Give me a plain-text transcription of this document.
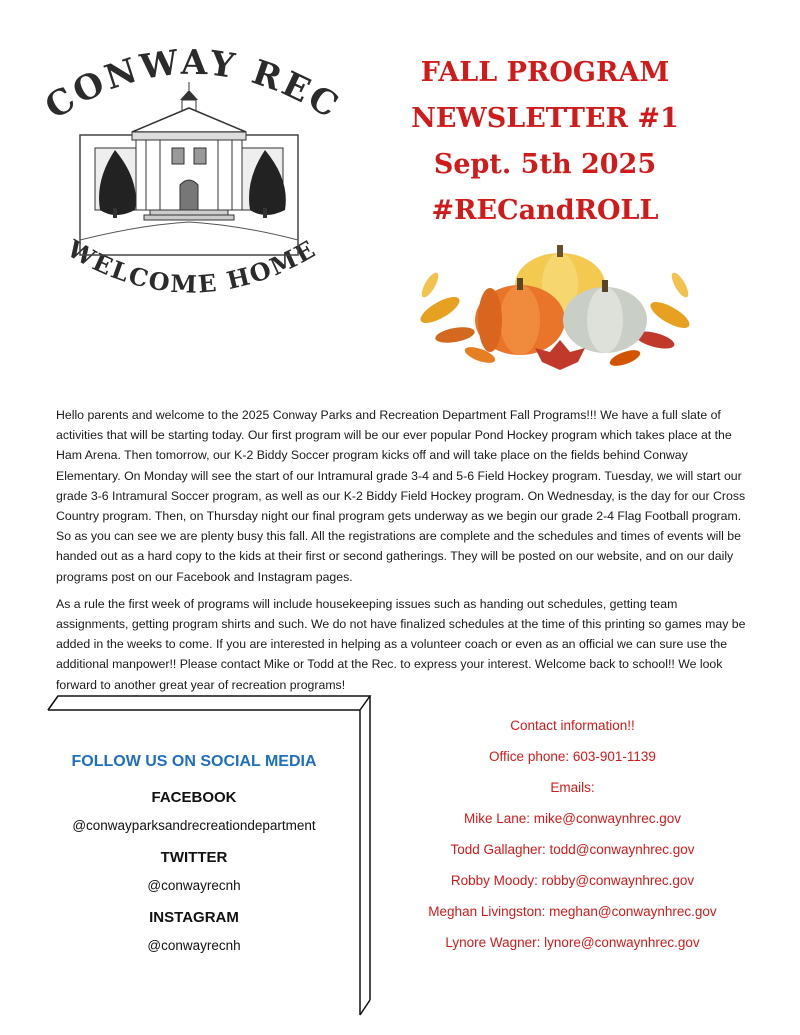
CONWAY RE
WELCOME HOME
FALL PROGRAM
NEWSLETTER #1
Sept. 5th 2025
#RECandROLL

Hello parents and welcome to the 2025 Conway Parks and Recreation Department Fall Programs!!! We have a full slate of activities that will be starting today. Our first program will be our ever popular Pond Hockey program which takes place at the Ham Arena. Then tomorrow, our K-2 Biddy Soccer program kicks off and will take place on the fields behind Conway Elementary. On Monday will see the start of our Intramural grade 3-4 and 5-6 Field Hockey program. Tuesday, we will start our grade 3-6 Intramural Soccer program, as well as our K-2 Biddy Field Hockey program. On Wednesday, is the day for our Cross Country program. Then, on Thursday night our final program gets underway as we begin our grade 2-4 Flag Football program. So as you can see we are plenty busy this fall. All the registrations are complete and the schedules and times of events will be handed out as a hard copy to the kids at their first or second gatherings. They will be posted on our website, and on our daily programs post on our Facebook and Instagram pages.

As a rule the first week of programs will include housekeeping issues such as handing out schedules, getting team assignments, getting program shirts and such. We do not have finalized schedules at the time of this printing so games may be added in the weeks to come. If you are interested in helping as a volunteer coach or even as an official we can sure use the additional manpower!! Please contact Mike or Todd at the Rec. to express your interest. Welcome back to school!! We look forward to another great year of recreation programs!

FOLLOW US ON SOCIAL MEDIA
FACEBOOK
@conwayparksandrecreationdepartment
TWITTER
@conwayrecnh
INSTAGRAM
@conwayrecnh
Contact information!!
Office phone: 603-901-1139
Emails:
Mike Lane: mike@conwaynhrec.gov
Todd Gallagher: todd@conwaynhrec.gov
Robby Moody: robby@conwaynhrec.gov
Meghan Livingston: meghan@conwaynhrec.gov
Lynore Wagner: lynore@conwaynhrec.gov
